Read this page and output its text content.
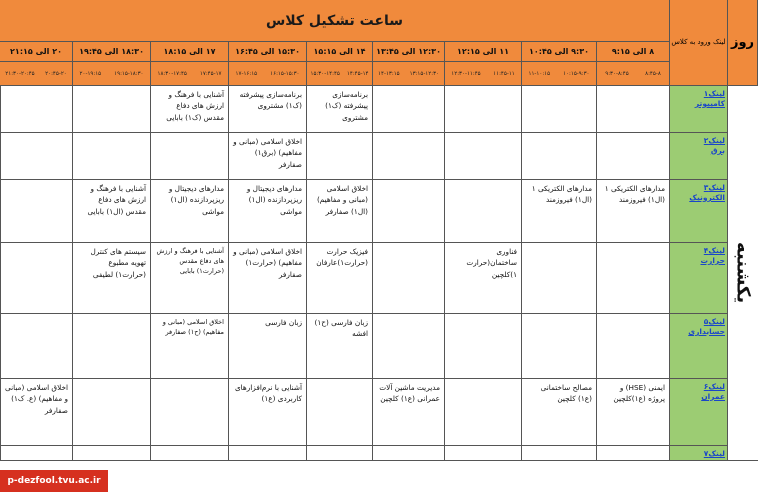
روز
لینک ورود به کلاس
ساعت تشکیل کلاس
۸ الی ۹:۱۵
۸:۴۵-۸
۹:۳۰-۸:۴۵
۹:۳۰ الی ۱۰:۴۵
۱۰:۱۵-۹:۳۰
۱۱-۱۰:۱۵
۱۱ الی ۱۲:۱۵
۱۱:۴۵-۱۱
۱۲:۳۰-۱۱:۴۵
۱۲:۳۰ الی ۱۳:۴۵
۱۳:۱۵-۱۲:۳۰
۱۴-۱۳:۱۵
۱۴ الی ۱۵:۱۵
۱۴:۴۵-۱۴
۱۵:۳۰-۱۴:۴۵
۱۵:۳۰ الی ۱۶:۴۵
۱۶:۱۵-۱۵:۳۰
۱۷-۱۶:۱۵
۱۷ الی ۱۸:۱۵
۱۷:۴۵-۱۷
۱۸:۳۰-۱۷:۴۵
۱۸:۳۰ الی ۱۹:۴۵
۱۹:۱۵-۱۸:۳۰
۲۰-۱۹:۱۵
۲۰ الی ۲۱:۱۵
۲۰:۴۵-۲۰
۲۱:۳۰-۲۰:۴۵
لینک۱
کامپیوتر
برنامه‌سازی پیشرفته (ک۱) مشتروی
برنامه‌سازی پیشرفته (ک۱) مشتروی
آشنایی با فرهنگ و ارزش های دفاع مقدس (ک۱) بابایی
لینک۲
برق
اخلاق اسلامی (مبانی و مفاهیم) (برق۱) صفارفر
لینک۳
الکترونیک
مدارهای الکتریکی ۱ (ال۱) فیروزمند
مدارهای الکتریکی ۱ (ال۱) فیروزمند
اخلاق اسلامی (مبانی و مفاهیم) (ال۱) صفارفر
مدارهای دیجیتال و ریزپردازنده (ال۱) مواشی
مدارهای دیجیتال و ریزپردازنده (ال۱) مواشی
آشنایی با فرهنگ و ارزش های دفاع مقدس (ال۱) بابایی
لینک۴
حرارت
فناوری ساختمان(حرارت ۱)کلچین
فیزیک حرارت (حرارت۱)عارفان
اخلاق اسلامی (مبانی و مفاهیم) (حرارت۱) صفارفر
آشنایی با فرهنگ و ارزش های دفاع مقدس (حرارت۱) بابایی
سیستم های کنترل تهویه مطبوع (حرارت۱) لطیفی
لینک۵
حسابداری
زبان فارسی (ح۱) افشه
زبان فارسی
اخلاق اسلامی (مبانی و مفاهیم) (ح۱) صفارفر
لینک۶
عمران
ایمنی (HSE) و پروژه (ع۱)کلچین
مصالح ساختمانی (ع۱) کلچین
مدیریت ماشین آلات عمرانی (ع۱) کلچین
آشنایی با نرم‌افزارهای کاربردی (ع۱)
اخلاق اسلامی (مبانی و مفاهیم) (ع. ک۱) صفارفر
لینک۷

یکشنبه
p-dezfool.tvu.ac.ir
